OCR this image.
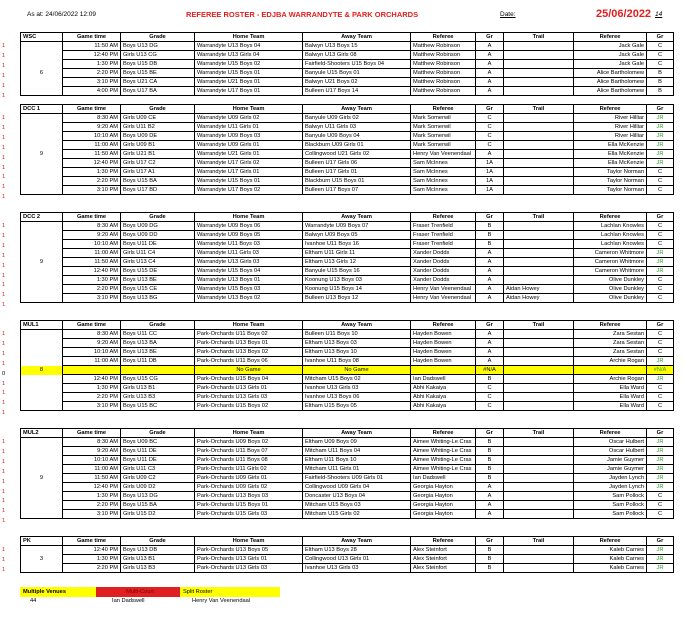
As at: 24/06/2022 12:09	REFEREE ROSTER - EDJBA WARRANDYTE & PARK ORCHARDS	Date:	25/06/2022 14
WSC	Game time	Grade	Home Team	Away Team	Referee	Gr	Trail	Referee	Gr
	11:50 AM	Boys U13 DG	Warrandyte U13 Boys 04	Balwyn U13 Boys 15	Matthew Robinson	A		Jack Gale	C
	12:40 PM	Girls U13 CG	Warrandyte U13 Girls 04	Balwyn U13 Girls 08	Matthew Robinson	A		Jack Gale	C
	1:30 PM	Boys U15 DB	Warrandyte U15 Boys 02	Fairfield-Shooters U15 Boys 04	Matthew Robinson	A		Jack Gale	C
6	2:20 PM	Boys U15 BE	Warrandyte U15 Boys 01	Banyule U15 Boys 01	Matthew Robinson	A		Alice Bartholomew	B
	3:10 PM	Boys U21 CA	Warrandyte U21 Boys 01	Balwyn U21 Boys 02	Matthew Robinson	A		Alice Bartholomew	B
	4:00 PM	Boys U17 BA	Warrandyte U17 Boys 01	Bulleen U17 Boys 14	Matthew Robinson	A		Alice Bartholomew	B
1
1
1
1
1
1
DCC 1	Game time	Grade	Home Team	Away Team	Referee	Gr	Trail	Referee	Gr
	8:30 AM	Girls U09 CE	Warrandyte U09 Girls 02	Banyule U09 Girls 02	Mark Somerwil	C		River Hilliar	JR
	9:20 AM	Girls U11 B2	Warrandyte U11 Girls 01	Balwyn U11 Girls 03	Mark Somerwil	C		River Hilliar	JR
	10:10 AM	Boys U09 DE	Warrandyte U09 Boys 03	Banyule U09 Boys 04	Mark Somerwil	C		River Hilliar	JR
	11:00 AM	Girls U09 B1	Warrandyte U09 Girls 01	Blackburn U09 Girls 01	Mark Somerwil	C		Ella McKenzie	JR
9	11:50 AM	Girls U21 B1	Warrandyte U21 Girls 01	Collingwood U21 Girls 02	Henry Van Veenendaal	A		Ella McKenzie	JR
	12:40 PM	Girls U17 C2	Warrandyte U17 Girls 02	Bulleen U17 Girls 06	Sam McInnes	1A		Ella McKenzie	JR
	1:30 PM	Girls U17 A1	Warrandyte U17 Girls 01	Bulleen U17 Girls 01	Sam McInnes	1A		Taylor Norman	C
	2:20 PM	Boys U15 BA	Warrandyte U15 Boys 01	Blackburn U15 Boys 01	Sam McInnes	1A		Taylor Norman	C
	3:10 PM	Boys U17 BD	Warrandyte U17 Boys 02	Bulleen U17 Boys 07	Sam McInnes	1A		Taylor Norman	C
1
1
1
1
1
1
1
1
1
DCC 2	Game time	Grade	Home Team	Away Team	Referee	Gr	Trail	Referee	Gr
	8:30 AM	Boys U09 DG	Warrandyte U09 Boys 06	Warrandyte U09 Boys 07	Fraser Trenfield	B		Lachlan Knowles	C
	9:20 AM	Boys U09 DD	Warrandyte U09 Boys 05	Balwyn U09 Boys 05	Fraser Trenfield	B		Lachlan Knowles	C
	10:10 AM	Boys U11 DE	Warrandyte U11 Boys 03	Ivanhoe U11 Boys 16	Fraser Trenfield	B		Lachlan Knowles	C
	11:00 AM	Girls U11 C4	Warrandyte U11 Girls 03	Eltham U11 Girls 11	Xander Dodds	A		Cameron Whitmore	JR
9	11:50 AM	Girls U13 C4	Warrandyte U13 Girls 03	Eltham U13 Girls 12	Xander Dodds	A		Cameron Whitmore	JR
	12:40 PM	Boys U15 DE	Warrandyte U15 Boys 04	Banyule U15 Boys 16	Xander Dodds	A		Cameron Whitmore	JR
	1:30 PM	Boys U13 BE	Warrandyte U13 Boys 01	Koonung U13 Boys 03	Xander Dodds	A		Olive Dunkley	C
	2:20 PM	Boys U15 CE	Warrandyte U15 Boys 03	Koonung U15 Boys 14	Henry Van Veenendaal	A	Aidan Howey	Olive Dunkley	C
	3:10 PM	Boys U13 BG	Warrandyte U13 Boys 02	Bulleen U13 Boys 12	Henry Van Veenendaal	A	Aidan Howey	Olive Dunkley	C
1
1
1
1
1
1
1
1
1
MUL1	Game time	Grade	Home Team	Away Team	Referee	Gr	Trail	Referee	Gr
	8:30 AM	Boys U11 CC	Park-Orchards U11 Boys 02	Bulleen U11 Boys 10	Hayden Bowen	A		Zara Sestan	C
	9:20 AM	Boys U13 BA	Park-Orchards U13 Boys 01	Eltham U13 Boys 03	Hayden Bowen	A		Zara Sestan	C
	10:10 AM	Boys U13 BE	Park-Orchards U13 Boys 02	Eltham U13 Boys 10	Hayden Bowen	A		Zara Sestan	C
	11:00 AM	Boys U11 DB	Park-Orchards U11 Boys 06	Ivanhoe U11 Boys 08	Hayden Bowen	A		Archie Rogan	JR
8			No Game	No Game		#N/A			#N/A
	12:40 PM	Boys U15 CG	Park-Orchards U15 Boys 04	Mitcham U15 Boys 02	Ian Dadswell	B		Archie Rogan	JR
	1:30 PM	Girls U13 B1	Park-Orchards U13 Girls 01	Ivanhoe U13 Girls 03	Abhi Kakaiya	C		Ella Ward	C
	2:20 PM	Girls U13 B3	Park-Orchards U13 Girls 03	Ivanhoe U13 Boys 06	Abhi Kakaiya	C		Ella Ward	C
	3:10 PM	Boys U15 BC	Park-Orchards U15 Boys 02	Eltham U15 Boys 05	Abhi Kakaiya	C		Ella Ward	C
1
1
1
1
0
1
1
1
1
MUL2	Game time	Grade	Home Team	Away Team	Referee	Gr	Trail	Referee	Gr
	8:30 AM	Boys U09 BC	Park-Orchards U09 Boys 02	Eltham U09 Boys 09	Aimee Whiting-Le Cras	B		Oscar Hulbert	JR
	9:20 AM	Boys U11 DE	Park-Orchards U11 Boys 07	Mitcham U11 Boys 04	Aimee Whiting-Le Cras	B		Oscar Hulbert	JR
	10:10 AM	Boys U11 DE	Park-Orchards U11 Boys 08	Eltham U11 Boys 10	Aimee Whiting-Le Cras	B		Jamie Guymer	JR
	11:00 AM	Girls U11 C3	Park-Orchards U11 Girls 02	Mitcham U11 Girls 01	Aimee Whiting-Le Cras	B		Jamie Guymer	JR
9	11:50 AM	Girls U09 C2	Park-Orchards U09 Girls 01	Fairfield-Shooters U09 Girls 01	Ian Dadswell	B		Jayden Lynch	JR
	12:40 PM	Girls U09 D2	Park-Orchards U09 Girls 02	Collingwood U09 Girls 04	Georgia Hayton	A		Jayden Lynch	JR
	1:30 PM	Boys U13 DG	Park-Orchards U13 Boys 03	Doncaster U13 Boys 04	Georgia Hayton	A		Sam Pollock	C
	2:20 PM	Boys U15 BA	Park-Orchards U15 Boys 01	Mitcham U15 Boys 03	Georgia Hayton	A		Sam Pollock	C
	3:10 PM	Girls U15 D2	Park-Orchards U15 Girls 03	Mitcham U15 Girls 02	Georgia Hayton	A		Sam Pollock	C
1
1
1
1
1
1
1
1
1
PK	Game time	Grade	Home Team	Away Team	Referee	Gr	Trail	Referee	Gr
	12:40 PM	Boys U13 DB	Park-Orchards U13 Boys 05	Eltham U13 Boys 28	Alex Steinfort	B		Kaleb Carnes	JR
3	1:30 PM	Girls U13 B1	Park-Orchards U13 Girls 01	Collingwood U13 Girls 01	Alex Steinfort	B		Kaleb Carnes	JR
	2:20 PM	Girls U13 B3	Park-Orchards U13 Girls 03	Ivanhoe U13 Girls 03	Alex Steinfort	B		Kaleb Carnes	JR
1
1
1
Multiple Venues	Multi-Court	Split Roster
44	Ian Dadswell	Henry Van Veenendaal
